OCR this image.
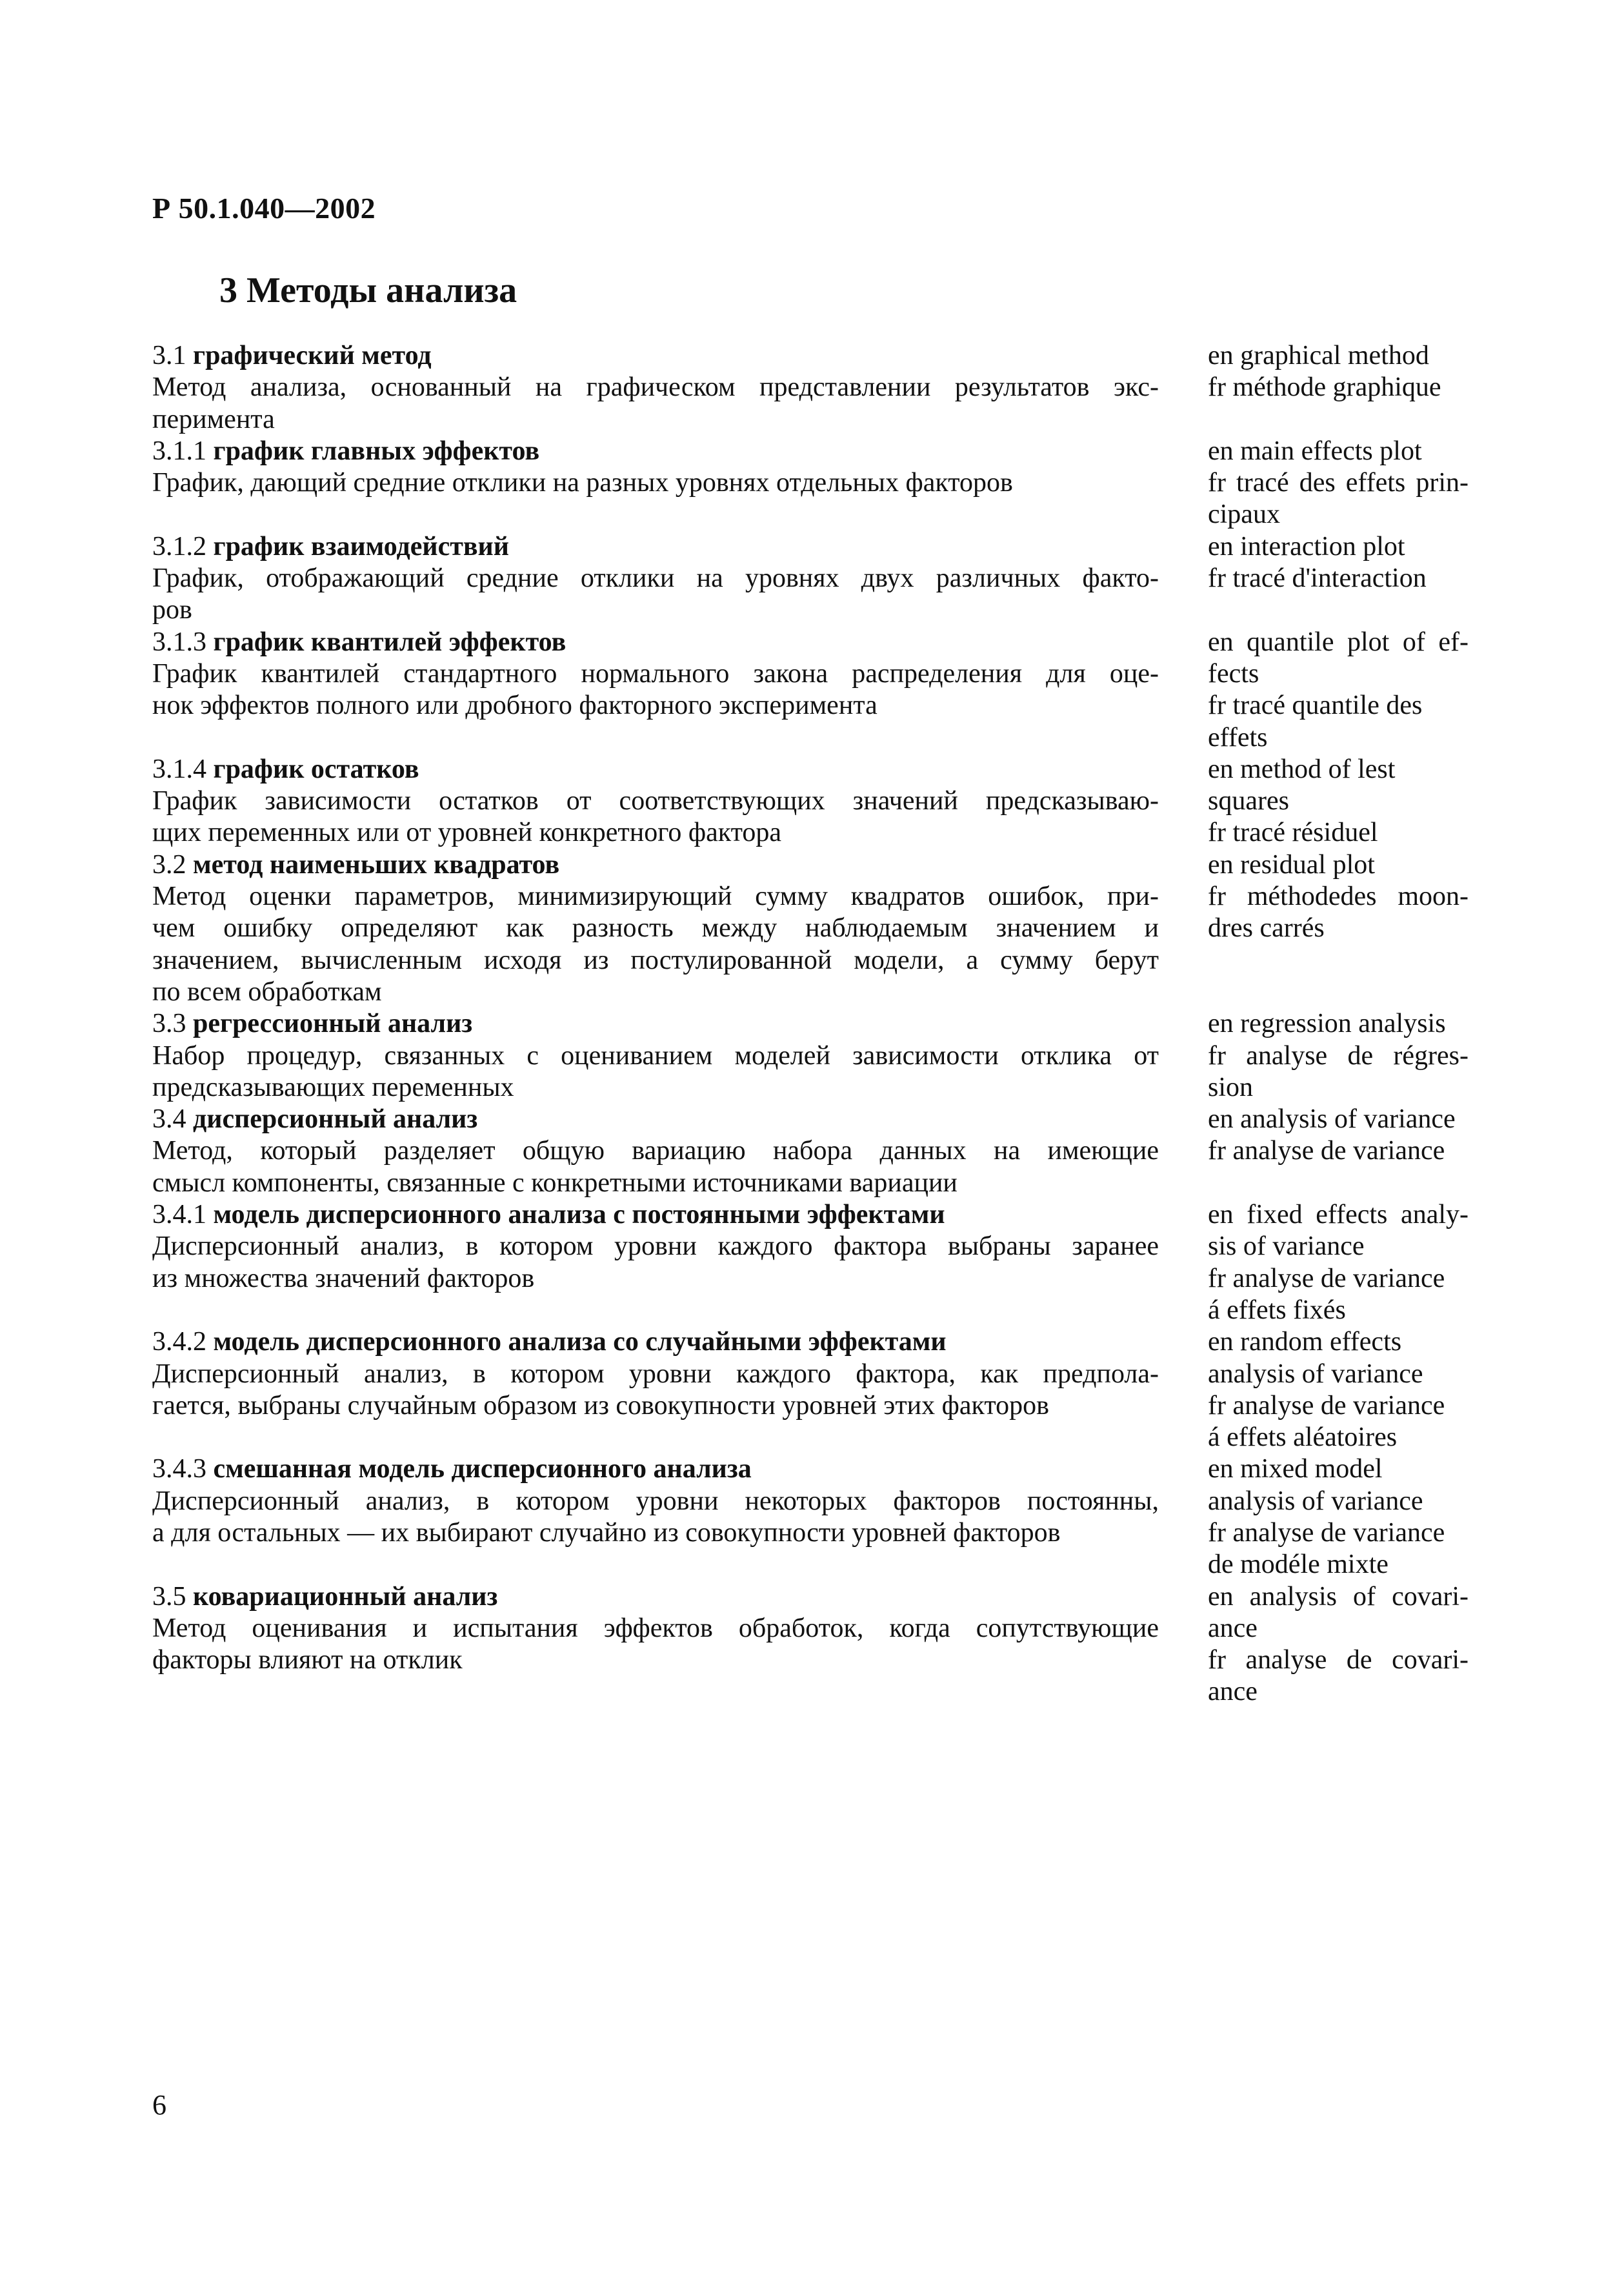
Р 50.1.040—2002
3 Методы анализа
3.1 графический метод
Метод анализа, основанный на графическом представлении результатов экс-
перимента
en graphical method
fr méthode graphique
3.1.1 график главных эффектов
График, дающий средние отклики на разных уровнях отдельных факторов
en main effects plot
fr tracé des effets prin-
cipaux
3.1.2 график взаимодействий
График, отображающий средние отклики на уровнях двух различных факто-
ров
en interaction plot
fr tracé d'interaction
3.1.3 график квантилей эффектов
График квантилей стандартного нормального закона распределения для оце-
нок эффектов полного или дробного факторного эксперимента
en quantile plot of ef-
fects
fr tracé quantile des
effets
3.1.4 график остатков
График зависимости остатков от соответствующих значений предсказываю-
щих переменных или от уровней конкретного фактора
en method of lest
squares
fr tracé résiduel
3.2 метод наименьших квадратов
Метод оценки параметров, минимизирующий сумму квадратов ошибок, при-
чем ошибку определяют как разность между наблюдаемым значением и
значением, вычисленным исходя из постулированной модели, а сумму берут
по всем обработкам
en residual plot
fr méthodedes moon-
dres carrés
3.3 регрессионный анализ
Набор процедур, связанных с оцениванием моделей зависимости отклика от
предсказывающих переменных
en regression analysis
fr analyse de régres-
sion
3.4 дисперсионный анализ
Метод, который разделяет общую вариацию набора данных на имеющие
смысл компоненты, связанные с конкретными источниками вариации
en analysis of variance
fr analyse de variance
3.4.1 модель дисперсионного анализа с постоянными эффектами
Дисперсионный анализ, в котором уровни каждого фактора выбраны заранее
из множества значений факторов
en fixed effects analy-
sis of variance
fr analyse de variance
á effets fixés
3.4.2 модель дисперсионного анализа со случайными эффектами
Дисперсионный анализ, в котором уровни каждого фактора, как предпола-
гается, выбраны случайным образом из совокупности уровней этих факторов
en random effects
analysis of variance
fr analyse de variance
á effets aléatoires
3.4.3 смешанная модель дисперсионного анализа
Дисперсионный анализ, в котором уровни некоторых факторов постоянны,
а для остальных — их выбирают случайно из совокупности уровней факторов
en mixed model
analysis of variance
fr analyse de variance
de modéle mixte
3.5 ковариационный анализ
Метод оценивания и испытания эффектов обработок, когда сопутствующие
факторы влияют на отклик
en analysis of covari-
ance
fr analyse de covari-
ance
6
